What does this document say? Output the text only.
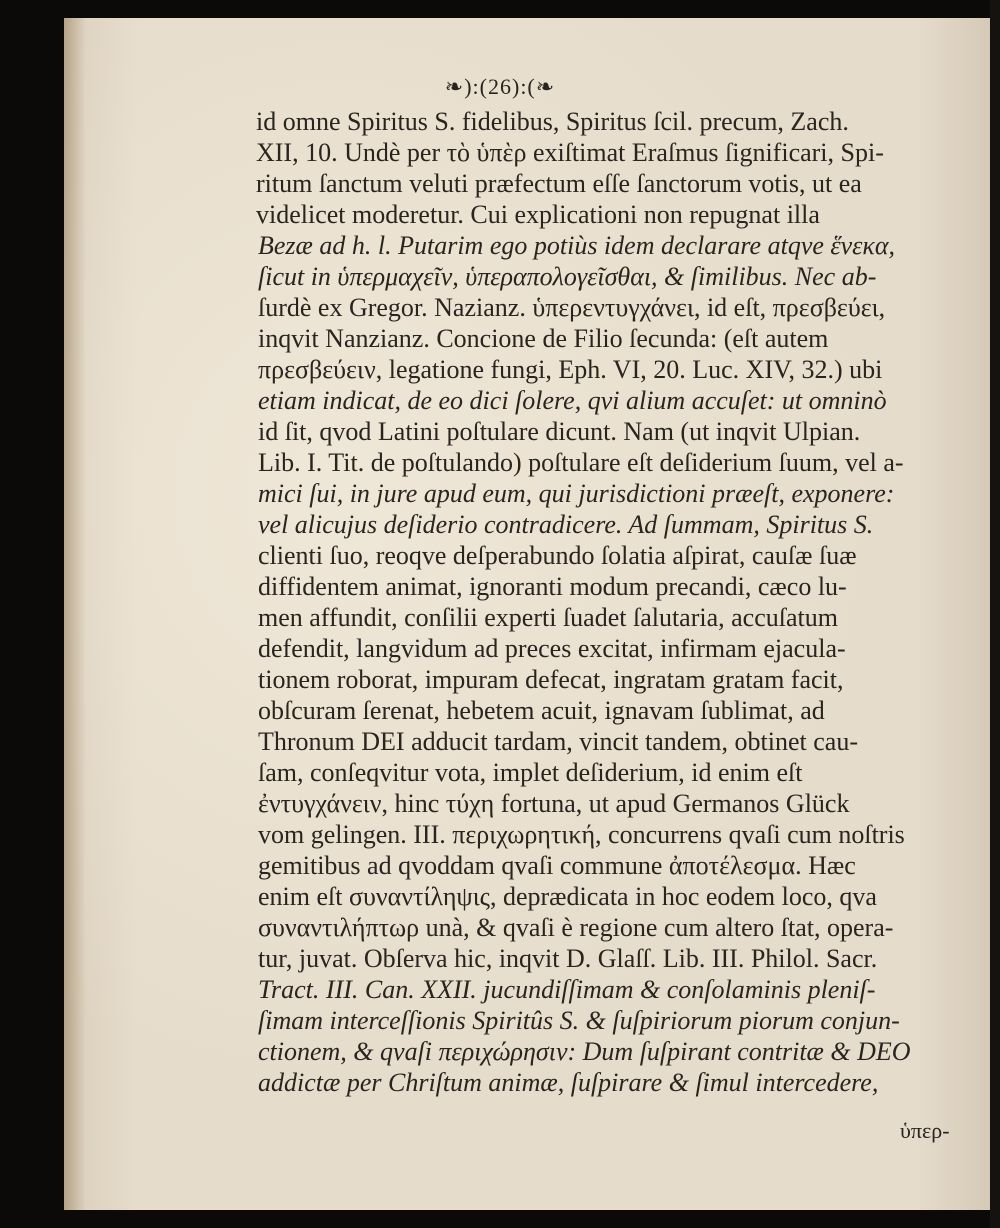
❧):(26):(❧
id omne Spiritus S. fidelibus, Spiritus ſcil. precum, Zach.
XII, 10. Undè per τὸ ὑπὲρ exiſtimat Eraſmus ſignificari, Spi-
ritum ſanctum veluti præfectum eſſe ſanctorum votis, ut ea
videlicet moderetur. Cui explicationi non repugnat illa
Bezæ ad h. l. Putarim ego potiùs idem declarare atqve ἕνεκα,
ſicut in ὑπερμαχεῖν, ὑπεραπολογεῖσθαι, & ſimilibus. Nec ab-
ſurdè ex Gregor. Nazianz. ὑπερεντυγχάνει, id eſt, πρεσβεύει,
inqvit Nanzianz. Concione de Filio ſecunda: (eſt autem
πρεσβεύειν, legatione fungi, Eph. VI, 20. Luc. XIV, 32.) ubi
etiam indicat, de eo dici ſolere, qvi alium accuſet: ut omninò
id ſit, qvod Latini poſtulare dicunt. Nam (ut inqvit Ulpian.
Lib. I. Tit. de poſtulando) poſtulare eſt deſiderium ſuum, vel a-
mici ſui, in jure apud eum, qui jurisdictioni præeſt, exponere:
vel alicujus deſiderio contradicere. Ad ſummam, Spiritus S.
clienti ſuo, reoqve deſperabundo ſolatia aſpirat, cauſæ ſuæ
diffidentem animat, ignoranti modum precandi, cæco lu-
men affundit, conſilii experti ſuadet ſalutaria, accuſatum
defendit, langvidum ad preces excitat, infirmam ejacula-
tionem roborat, impuram defecat, ingratam gratam facit,
obſcuram ſerenat, hebetem acuit, ignavam ſublimat, ad
Thronum DEI adducit tardam, vincit tandem, obtinet cau-
ſam, conſeqvitur vota, implet deſiderium, id enim eſt
ἐντυγχάνειν, hinc τύχη fortuna, ut apud Germanos Glück
vom gelingen. III. περιχωρητική, concurrens qvaſi cum noſtris
gemitibus ad qvoddam qvaſi commune ἀποτέλεσμα. Hæc
enim eſt συναντίληψις, deprædicata in hoc eodem loco, qva
συναντιλήπτωρ unà, & qvaſi è regione cum altero ſtat, opera-
tur, juvat. Obſerva hic, inqvit D. Glaſſ. Lib. III. Philol. Sacr.
Tract. III. Can. XXII. jucundiſſimam & conſolaminis pleniſ-
ſimam interceſſionis Spiritûs S. & ſuſpiriorum piorum conjun-
ctionem, & qvaſi περιχώρησιν: Dum ſuſpirant contritæ & DEO
addictæ per Chriſtum animæ, ſuſpirare & ſimul intercedere,
ὑπερ-
